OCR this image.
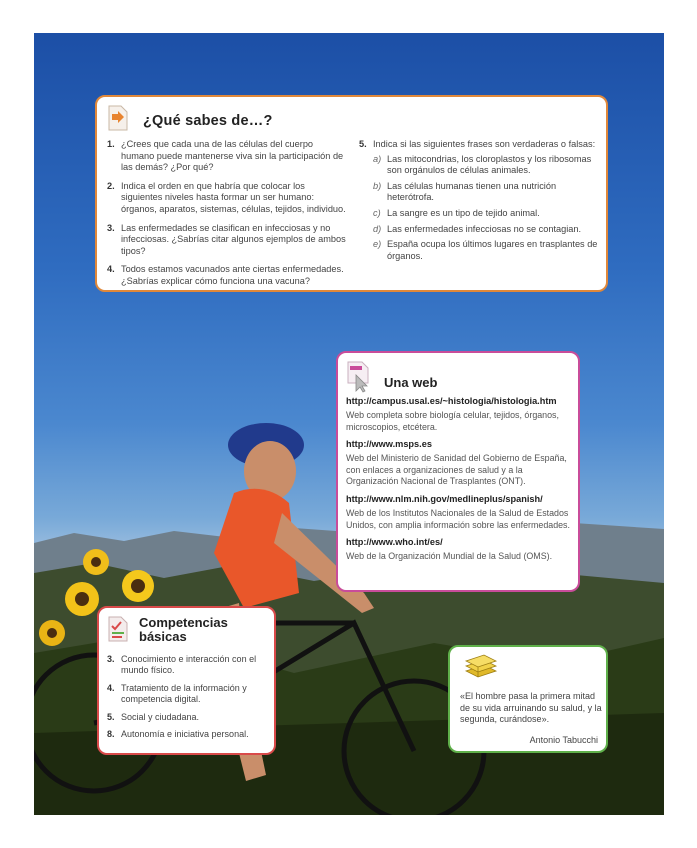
¿Qué sabes de…?
1. ¿Crees que cada una de las células del cuerpo humano puede mantenerse viva sin la participación de las demás? ¿Por qué?
2. Indica el orden en que habría que colocar los siguientes niveles hasta formar un ser humano: órganos, aparatos, sistemas, células, tejidos, individuo.
3. Las enfermedades se clasifican en infecciosas y no infecciosas. ¿Sabrías citar algunos ejemplos de ambos tipos?
4. Todos estamos vacunados ante ciertas enfermedades. ¿Sabrías explicar cómo funciona una vacuna?
5. Indica si las siguientes frases son verdaderas o falsas:
a) Las mitocondrias, los cloroplastos y los ribosomas son orgánulos de células animales.
b) Las células humanas tienen una nutrición heterótrofa.
c) La sangre es un tipo de tejido animal.
d) Las enfermedades infecciosas no se contagian.
e) España ocupa los últimos lugares en trasplantes de órganos.
Una web
http://campus.usal.es/~histologia/histologia.htm
Web completa sobre biología celular, tejidos, órganos, microscopios, etcétera.
http://www.msps.es
Web del Ministerio de Sanidad del Gobierno de España, con enlaces a organizaciones de salud y a la Organización Nacional de Trasplantes (ONT).
http://www.nlm.nih.gov/medlineplus/spanish/
Web de los Institutos Nacionales de la Salud de Estados Unidos, con amplia información sobre las enfermedades.
http://www.who.int/es/
Web de la Organización Mundial de la Salud (OMS).
Competencias
básicas
3. Conocimiento e interacción con el mundo físico.
4. Tratamiento de la información y competencia digital.
5. Social y ciudadana.
8. Autonomía e iniciativa personal.
«El hombre pasa la primera mitad de su vida arruinando su salud, y la segunda, curándose».
Antonio Tabucchi
